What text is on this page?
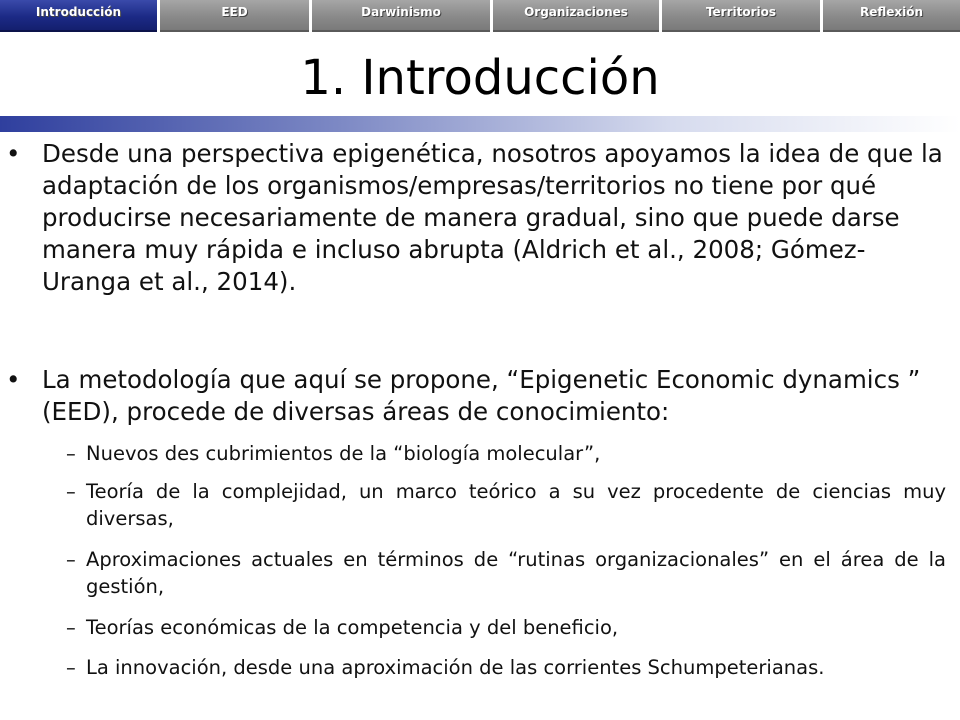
Introducción	EED	Darwinismo	Organizaciones	Territorios	Reflexión
1. Introducción
• Desde una perspectiva epigenética, nosotros apoyamos la idea de que la adaptación de los organismos/empresas/territorios no tiene por qué producirse necesariamente de manera gradual, sino que puede darse manera muy rápida e incluso abrupta (Aldrich et al., 2008; Gómez-Uranga et al., 2014).
• La metodología que aquí se propone, “Epigenetic Economic dynamics ” (EED), procede de diversas áreas de conocimiento:
– Nuevos des cubrimientos de la “biología molecular”,
– Teoría de la complejidad, un marco teórico a su vez procedente de ciencias muy diversas,
– Aproximaciones actuales en términos de “rutinas organizacionales” en el área de la gestión,
– Teorías económicas de la competencia y del beneficio,
– La innovación, desde una aproximación de las corrientes Schumpeterianas.
